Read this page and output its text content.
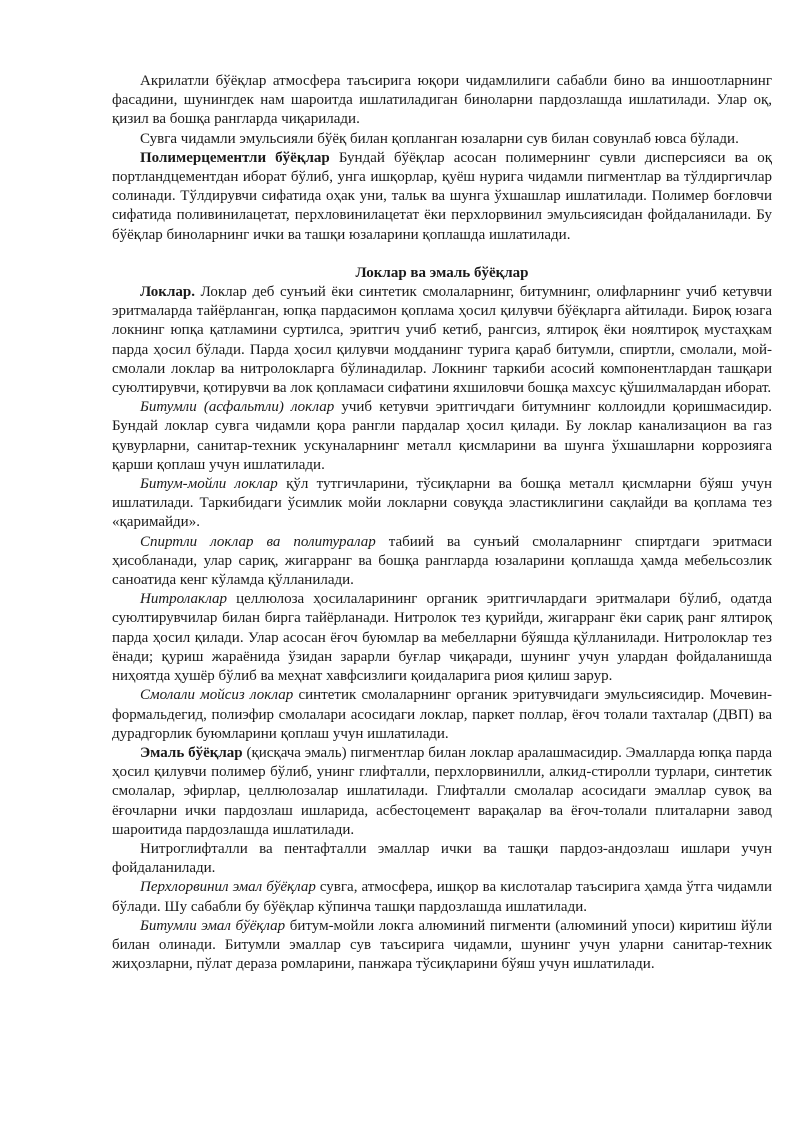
Акрилатли бўёқлар атмосфера таъсирига юқори чидамлилиги сабабли бино ва иншоотларнинг фасадини, шунингдек нам шароитда ишлатиладиган биноларни пардозлашда ишлатилади. Улар оқ, қизил ва бошқа рангларда чиқарилади.

Сувга чидамли эмульсияли бўёқ билан қопланган юзаларни сув билан совунлаб ювса бўлади.

Полимерцементли бўёқлар Бундай бўёқлар асосан полимернинг сувли дисперсияси ва оқ портландцементдан иборат бўлиб, унга ишқорлар, қуёш нурига чидамли пигментлар ва тўлдиргичлар солинади. Тўлдирувчи сифатида оҳак уни, тальк ва шунга ўхшашлар ишлатилади. Полимер боғловчи сифатида поливинилацетат, перхловинилацетат ёки перхлорвинил эмульсиясидан фойдаланилади. Бу бўёқлар биноларнинг ички ва ташқи юзаларини қоплашда ишлатилади.

Локлар ва эмаль бўёқлар

Локлар. Локлар деб сунъий ёки синтетик смолаларнинг, битумнинг, олифларнинг учиб кетувчи эритмаларда тайёрланган, юпқа пардасимон қоплама ҳосил қилувчи бўёқларга айтилади. Бироқ юзага локнинг юпқа қатламини суртилса, эритгич учиб кетиб, рангсиз, ялтироқ ёки ноялтироқ мустаҳкам парда ҳосил бўлади. Парда ҳосил қилувчи модданинг турига қараб битумли, спиртли, смолали, мой-смолали локлар ва нитролокларга бўлинадилар. Локнинг таркиби асосий компонентлардан ташқари суюлтирувчи, қотирувчи ва лок қопламаси сифатини яхшиловчи бошқа махсус қўшилмалардан иборат.

Битумли (асфальтли) локлар учиб кетувчи эритгичдаги битумнинг коллоидли қоришмасидир. Бундай локлар сувга чидамли қора рангли пардалар ҳосил қилади. Бу локлар канализацион ва газ қувурларни, санитар-техник ускуналарнинг металл қисмларини ва шунга ўхшашларни коррозияга қарши қоплаш учун ишлатилади.

Битум-мойли локлар қўл тутгичларини, тўсиқларни ва бошқа металл қисмларни бўяш учун ишлатилади. Таркибидаги ўсимлик мойи локларни совуқда эластиклигини сақлайди ва қоплама тез «қаримайди».

Спиртли локлар ва политуралар табиий ва сунъий смолаларнинг спиртдаги эритмаси ҳисобланади, улар сариқ, жигарранг ва бошқа рангларда юзаларини қоплашда ҳамда мебельсозлик саноатида кенг кўламда қўлланилади.

Нитролаклар целлюлоза ҳосилаларининг органик эритгичлардаги эритмалари бўлиб, одатда суюлтирувчилар билан бирга тайёрланади. Нитролок тез қурийди, жигарранг ёки сариқ ранг ялтироқ парда ҳосил қилади. Улар асосан ёғоч буюмлар ва мебелларни бўяшда қўлланилади. Нитролоклар тез ёнади; қуриш жараёнида ўзидан зарарли буғлар чиқаради, шунинг учун улардан фойдаланишда ниҳоятда ҳушёр бўлиб ва меҳнат хавфсизлиги қоидаларига риоя қилиш зарур.

Смолали мойсиз локлар синтетик смолаларнинг органик эритувчидаги эмульсиясидир. Мочевин-формальдегид, полиэфир смолалари асосидаги локлар, паркет поллар, ёғоч толали тахталар (ДВП) ва дурадгорлик буюмларини қоплаш учун ишлатилади.

Эмаль бўёқлар (қисқача эмаль) пигментлар билан локлар аралашмасидир. Эмалларда юпқа парда ҳосил қилувчи полимер бўлиб, унинг глифталли, перхлорвинилли, алкид-стиролли турлари, синтетик смолалар, эфирлар, целлюлозалар ишлатилади. Глифталли смолалар асосидаги эмаллар сувоқ ва ёғочларни ички пардозлаш ишларида, асбестоцемент варақалар ва ёғоч-толали плиталарни завод шароитида пардозлашда ишлатилади.

Нитроглифталли ва пентафталли эмаллар ички ва ташқи пардоз-андозлаш ишлари учун фойдаланилади.

Перхлорвинил эмал бўёқлар сувга, атмосфера, ишқор ва кислоталар таъсирига ҳамда ўтга чидамли бўлади. Шу сабабли бу бўёқлар кўпинча ташқи пардозлашда ишлатилади.

Битумли эмал бўёқлар битум-мойли локга алюминий пигменти (алюминий упоси) киритиш йўли билан олинади. Битумли эмаллар сув таъсирига чидамли, шунинг учун уларни санитар-техник жиҳозларни, пўлат дераза ромларини, панжара тўсиқларини бўяш учун ишлатилади.
